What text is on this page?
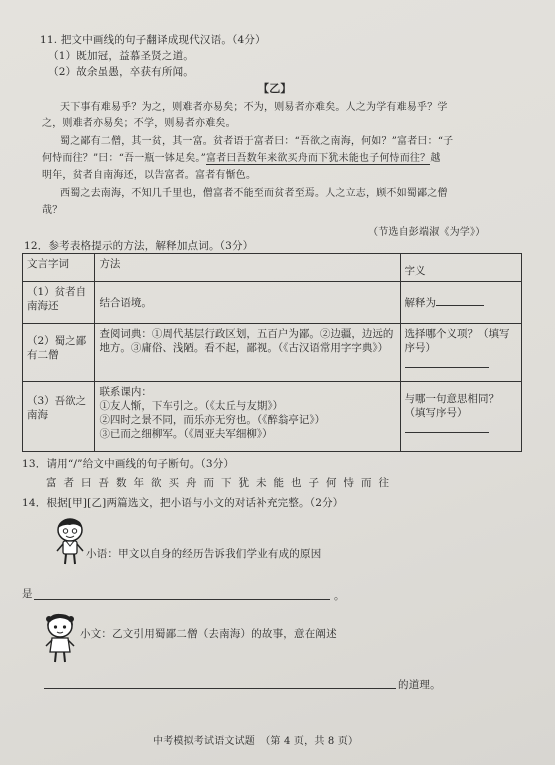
11. 把文中画线的句子翻译成现代汉语。（4分）
（1）既加冠，益慕圣贤之道。
（2）故余虽愚，卒获有所闻。
【乙】
天下事有难易乎？为之，则难者亦易矣；不为，则易者亦难矣。人之为学有难易乎？学
之，则难者亦易矣；不学，则易者亦难矣。
蜀之鄙有二僧，其一贫，其一富。贫者语于富者曰：“吾欲之南海，何如？”富者曰：“子
何恃而往？”曰：“吾一瓶一钵足矣。”富者曰吾数年来欲买舟而下犹未能也子何恃而往？越
明年，贫者自南海还，以告富者。富者有惭色。
西蜀之去南海，不知几千里也，僧富者不能至而贫者至焉。人之立志，顾不如蜀鄙之僧
哉？
（节选自彭端淑《为学》）
12．参考表格提示的方法，解释加点词。（3分）
文言字词	方法	字义
（1）贫者自南海还	结合语境。	解释为
（2）蜀之鄙有二僧	查阅词典：①周代基层行政区划，五百户为鄙。②边疆，边远的地方。③庸俗、浅陋。看不起，鄙视。（《古汉语常用字字典》）	选择哪个义项？（填写序号）

（3）吾欲之南海	联系课内：
①友人惭，下车引之。（《太丘与友期》）
②四时之景不同，而乐亦无穷也。（《醉翁亭记》）
③已而之细柳军。（《周亚夫军细柳》）	与哪一句意思相同？（填写序号）
13．请用“/”给文中画线的句子断句。（3分）
富者曰吾数年欲买舟而下犹未能也子何恃而往
14．根据[甲][乙]两篇选文，把小语与小文的对话补充完整。（2分）
小语：甲文以自身的经历告诉我们学业有成的原因
是	。
小文：乙文引用蜀鄙二僧（去南海）的故事，意在阐述
的道理。
中考模拟考试语文试题　（第 4 页，共 8 页）
